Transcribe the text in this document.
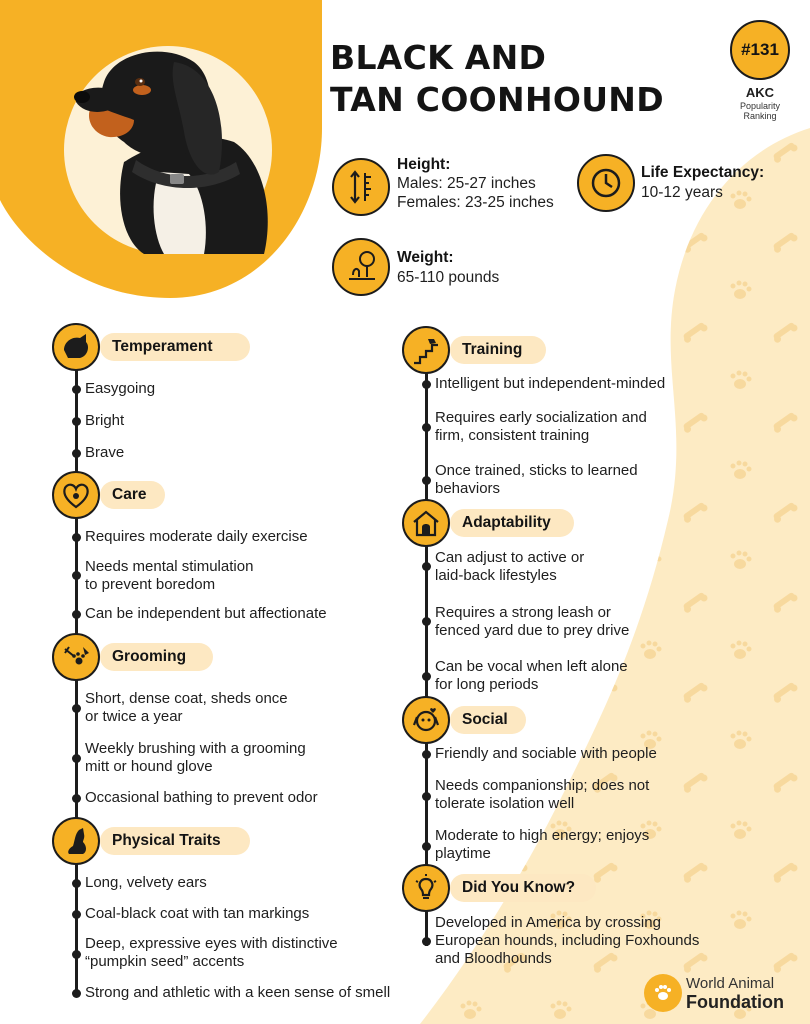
BLACK AND
TAN COONHOUND
#131
AKC
Popularity
Ranking
Height:
Males: 25-27 inches
Females: 23-25 inches
Life Expectancy:
10-12 years
Weight:
65-110 pounds
Temperament
Easygoing
Bright
Brave
Care
Requires moderate daily exercise
Needs mental stimulation
to prevent boredom
Can be independent but affectionate
Grooming
Short, dense coat, sheds once
or twice a year
Weekly brushing with a grooming
mitt or hound glove
Occasional bathing to prevent odor
Physical Traits
Long, velvety ears
Coal-black coat with tan markings
Deep, expressive eyes with distinctive
“pumpkin seed” accents
Strong and athletic with a keen sense of smell
Training
Intelligent but independent-minded
Requires early socialization and
firm, consistent training
Once trained, sticks to learned
behaviors
Adaptability
Can adjust to active or
laid-back lifestyles
Requires a strong leash or
fenced yard due to prey drive
Can be vocal when left alone
for long periods
Social
Friendly and sociable with people
Needs companionship; does not
tolerate isolation well
Moderate to high energy; enjoys
playtime
Did You Know?
Developed in America by crossing
European hounds, including Foxhounds
and Bloodhounds
World Animal
Foundation
